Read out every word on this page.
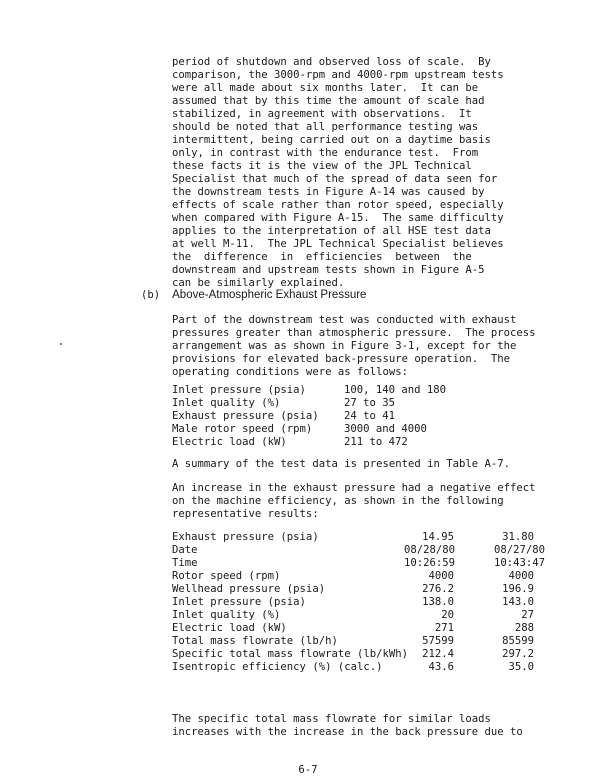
period of shutdown and observed loss of scale.  By
comparison, the 3000-rpm and 4000-rpm upstream tests
were all made about six months later.  It can be
assumed that by this time the amount of scale had
stabilized, in agreement with observations.  It
should be noted that all performance testing was
intermittent, being carried out on a daytime basis
only, in contrast with the endurance test.  From
these facts it is the view of the JPL Technical
Specialist that much of the spread of data seen for
the downstream tests in Figure A-14 was caused by
effects of scale rather than rotor speed, especially
when compared with Figure A-15.  The same difficulty
applies to the interpretation of all HSE test data
at well M-11.  The JPL Technical Specialist believes
the  difference  in  efficiencies  between  the
downstream and upstream tests shown in Figure A-5
can be similarly explained.
(b) Above-Atmospheric Exhaust Pressure
Part of the downstream test was conducted with exhaust
pressures greater than atmospheric pressure.  The process
arrangement was as shown in Figure 3-1, except for the
provisions for elevated back-pressure operation.  The
operating conditions were as follows:
Inlet pressure (psia)	100, 140 and 180
Inlet quality (%)	27 to 35
Exhaust pressure (psia) 24 to 41
Male rotor speed (rpm)	3000 and 4000
Electric load (kW)	211 to 472
A summary of the test data is presented in Table A-7.
An increase in the exhaust pressure had a negative effect
on the machine efficiency, as shown in the following
representative results:
Exhaust pressure (psia)	14.95	31.80
Date	08/28/80	08/27/80
Time	10:26:59	10:43:47
Rotor speed (rpm)	4000	4000
Wellhead pressure (psia)	276.2	196.9
Inlet pressure (psia)	138.0	143.0
Inlet quality (%)	20	27
Electric load (kW)	271	288
Total mass flowrate (lb/h)	57599	85599
Specific total mass flowrate (lb/kWh)	212.4	297.2
Isentropic efficiency (%) (calc.)	43.6	35.0
The specific total mass flowrate for similar loads
increases with the increase in the back pressure due to
6-7
